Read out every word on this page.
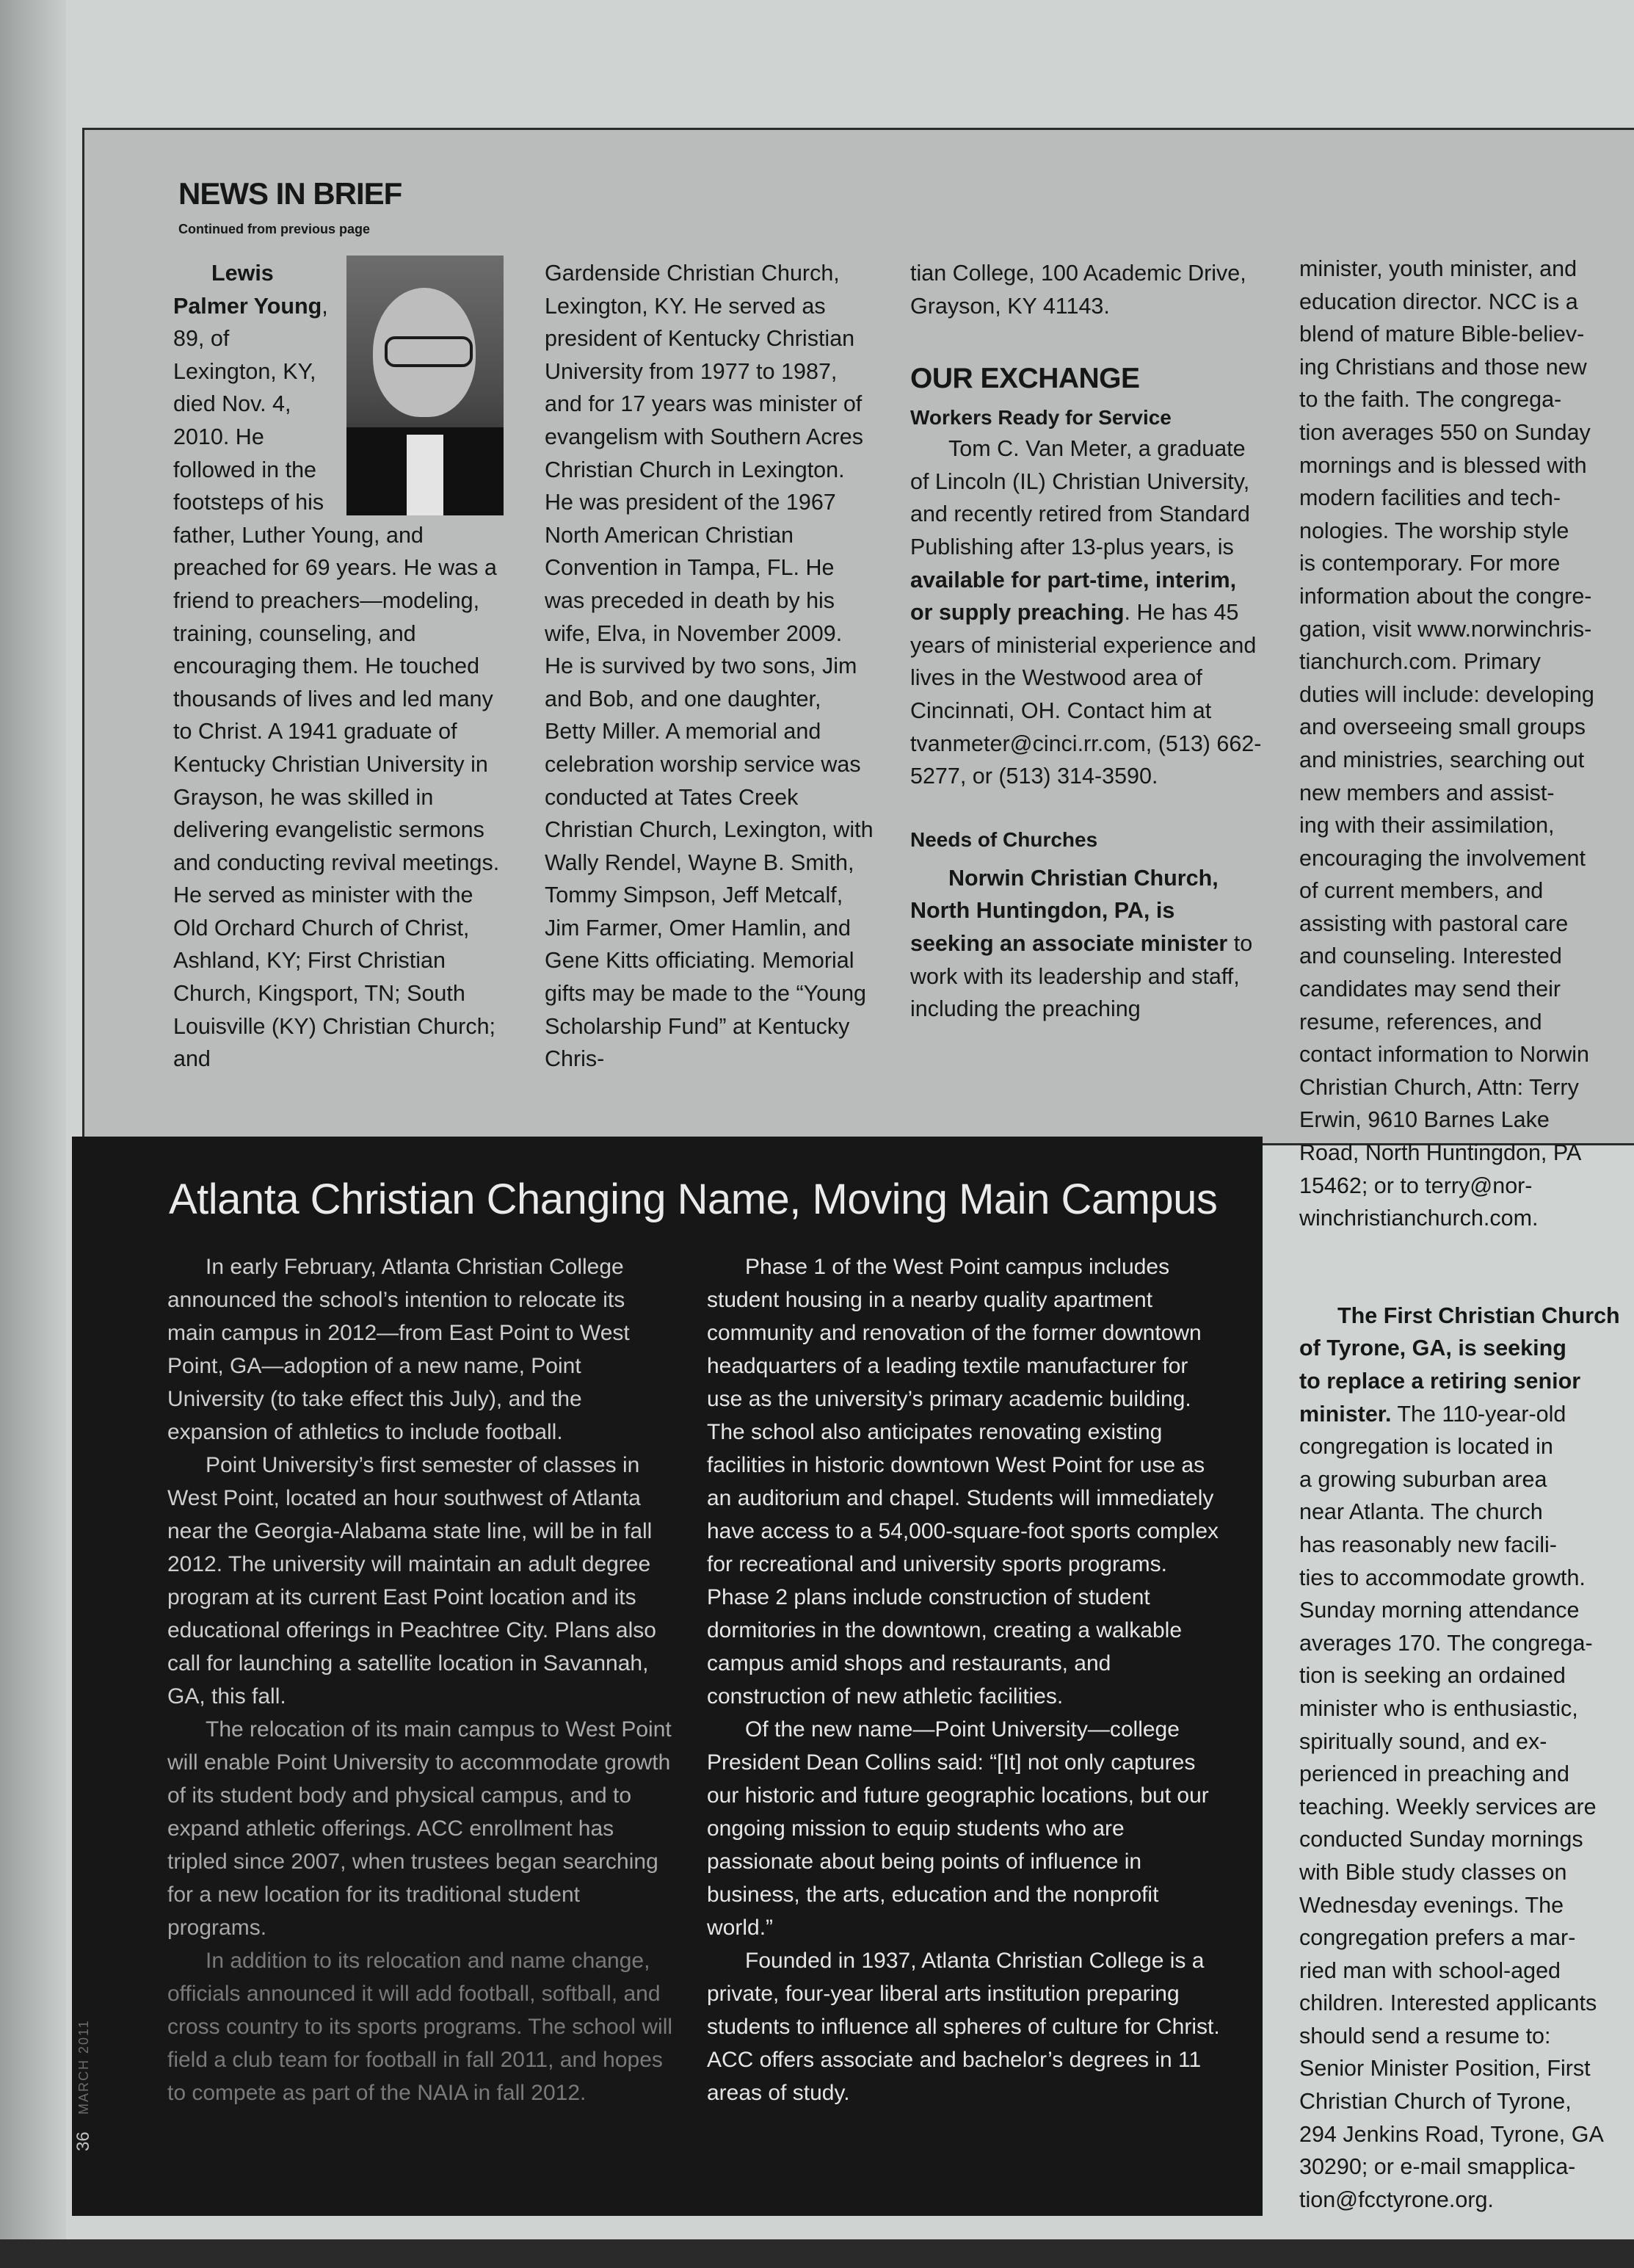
NEWS IN BRIEF
Continued from previous page

Lewis Palmer Young, 89, of Lexington, KY, died Nov. 4, 2010. He followed in the footsteps of his father, Luther Young, and preached for 69 years. He was a friend to preachers—modeling, training, counseling, and encouraging them. He touched thousands of lives and led many to Christ. A 1941 graduate of Kentucky Christian University in Grayson, he was skilled in delivering evangelistic sermons and conducting revival meetings. He served as minister with the Old Orchard Church of Christ, Ashland, KY; First Christian Church, Kingsport, TN; South Louisville (KY) Christian Church; and

Gardenside Christian Church, Lexington, KY. He served as president of Kentucky Christian University from 1977 to 1987, and for 17 years was minister of evangelism with Southern Acres Christian Church in Lexington. He was president of the 1967 North American Christian Convention in Tampa, FL. He was preceded in death by his wife, Elva, in November 2009. He is survived by two sons, Jim and Bob, and one daughter, Betty Miller. A memorial and celebration worship service was conducted at Tates Creek Christian Church, Lexington, with Wally Rendel, Wayne B. Smith, Tommy Simpson, Jeff Metcalf, Jim Farmer, Omer Hamlin, and Gene Kitts officiating. Memorial gifts may be made to the “Young Scholarship Fund” at Kentucky Chris-

tian College, 100 Academic Drive, Grayson, KY 41143.

OUR EXCHANGE
Workers Ready for Service

Tom C. Van Meter, a graduate of Lincoln (IL) Christian University, and recently retired from Standard Publishing after 13-plus years, is available for part-time, interim, or supply preaching. He has 45 years of ministerial experience and lives in the Westwood area of Cincinnati, OH. Contact him at tvanmeter@cinci.rr.com, (513) 662-5277, or (513) 314-3590.

Needs of Churches

Norwin Christian Church, North Huntingdon, PA, is seeking an associate minister to work with its leadership and staff, including the preaching

minister, youth minister, and

education director. NCC is a

blend of mature Bible-believ-

ing Christians and those new

to the faith. The congrega-

tion averages 550 on Sunday

mornings and is blessed with

modern facilities and tech-

nologies. The worship style

is contemporary. For more

information about the congre-

gation, visit www.norwinchris-

tianchurch.com. Primary

duties will include: developing

and overseeing small groups

and ministries, searching out

new members and assist-

ing with their assimilation,

encouraging the involvement

of current members, and

assisting with pastoral care

and counseling. Interested

candidates may send their

resume, references, and

contact information to Norwin

Christian Church, Attn: Terry

Erwin, 9610 Barnes Lake

Road, North Huntingdon, PA

15462; or to terry@nor-

winchristianchurch.com.

The First Christian Church

of Tyrone, GA, is seeking

to replace a retiring senior

minister. The 110-year-old

congregation is located in

a growing suburban area

near Atlanta. The church

has reasonably new facili-

ties to accommodate growth.

Sunday morning attendance

averages 170. The congrega-

tion is seeking an ordained

minister who is enthusiastic,

spiritually sound, and ex-

perienced in preaching and

teaching. Weekly services are

conducted Sunday mornings

with Bible study classes on

Wednesday evenings. The

congregation prefers a mar-

ried man with school-aged

children. Interested applicants

should send a resume to:

Senior Minister Position, First

Christian Church of Tyrone,

294 Jenkins Road, Tyrone, GA

30290; or e-mail smapplica-

tion@fcctyrone.org.

Atlanta Christian Changing Name, Moving Main Campus

In early February, Atlanta Christian College announced the school’s intention to relocate its main campus in 2012—from East Point to West Point, GA—adoption of a new name, Point University (to take effect this July), and the expansion of athletics to include football.

Point University’s first semester of classes in West Point, located an hour southwest of Atlanta near the Georgia-Alabama state line, will be in fall 2012. The university will maintain an adult degree program at its current East Point location and its educational offerings in Peachtree City. Plans also call for launching a satellite location in Savannah, GA, this fall.

The relocation of its main campus to West Point will enable Point University to accommodate growth of its student body and physical campus, and to expand athletic offerings. ACC enrollment has tripled since 2007, when trustees began searching for a new location for its traditional student programs.

In addition to its relocation and name change, officials announced it will add football, softball, and cross country to its sports programs. The school will field a club team for football in fall 2011, and hopes to compete as part of the NAIA in fall 2012.

Phase 1 of the West Point campus includes student housing in a nearby quality apartment community and renovation of the former downtown headquarters of a leading textile manufacturer for use as the university’s primary academic building. The school also anticipates renovating existing facilities in historic downtown West Point for use as an auditorium and chapel. Students will immediately have access to a 54,000-square-foot sports complex for recreational and university sports programs. Phase 2 plans include construction of student dormitories in the downtown, creating a walkable campus amid shops and restaurants, and construction of new athletic facilities.

Of the new name—Point University—college President Dean Collins said: “[It] not only captures our historic and future geographic locations, but our ongoing mission to equip students who are passionate about being points of influence in business, the arts, education and the nonprofit world.”

Founded in 1937, Atlanta Christian College is a private, four-year liberal arts institution preparing students to influence all spheres of culture for Christ. ACC offers associate and bachelor’s degrees in 11 areas of study.

36
MARCH 2011
